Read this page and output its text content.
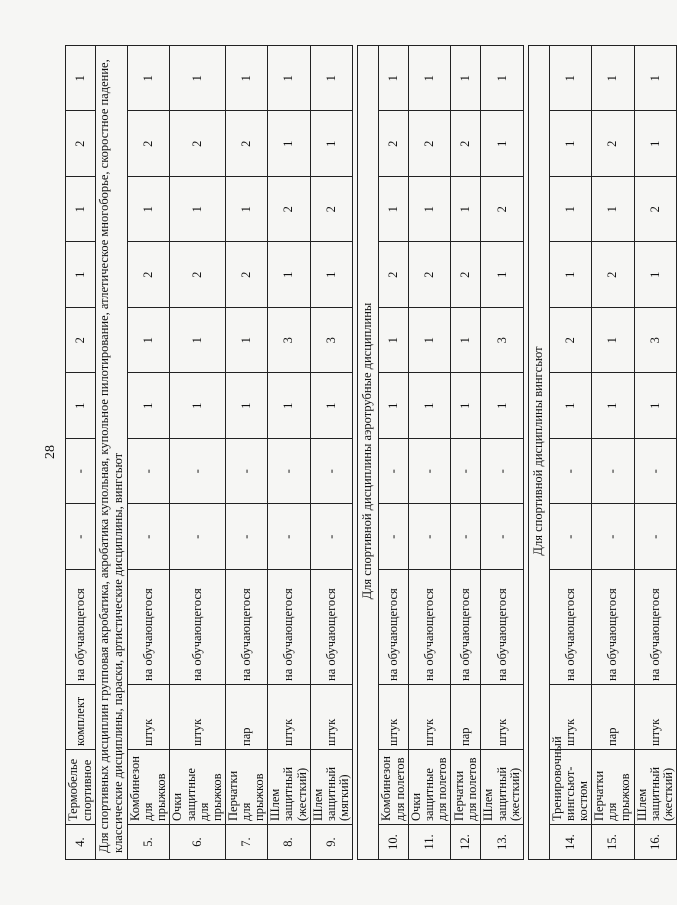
28
4.	Термобелье спортивное	комплект	на обучающегося	-	-	1	2	1	1	2	1
Для спортивных дисциплин групповая акробатика, акробатика купольная, купольное пилотирование, атлетическое многоборье, скоростное падение, классические дисциплины, параски, артистические дисциплины, вингсьют											
5.	Комбинезон для прыжков	штук	на обучающегося	-	-	1	1	2	1	2	1
6.	Очки защитные для прыжков	штук	на обучающегося	-	-	1	1	2	1	2	1
7.	Перчатки для прыжков	пар	на обучающегося	-	-	1	1	2	1	2	1
8.	Шлем защитный (жесткий)	штук	на обучающегося	-	-	1	3	1	2	1	1
9.	Шлем защитный (мягкий)	штук	на обучающегося	-	-	1	3	1	2	1	1

Для спортивной дисциплины аэротрубные дисциплины											
10.	Комбинезон для полетов	штук	на обучающегося	-	-	1	1	2	1	2	1
11.	Очки защитные для полетов	штук	на обучающегося	-	-	1	1	2	1	2	1
12.	Перчатки для полетов	пар	на обучающегося	-	-	1	1	2	1	2	1
13.	Шлем защитный (жесткий)	штук	на обучающегося	-	-	1	3	1	2	1	1

Для спортивной дисциплины вингсьют											
14.	Тренировочный вингсьют-костюм	штук	на обучающегося	-	-	1	2	1	1	1	1
15.	Перчатки для прыжков	пар	на обучающегося	-	-	1	1	2	1	2	1
16.	Шлем защитный (жесткий)	штук	на обучающегося	-	-	1	3	1	2	1	1
